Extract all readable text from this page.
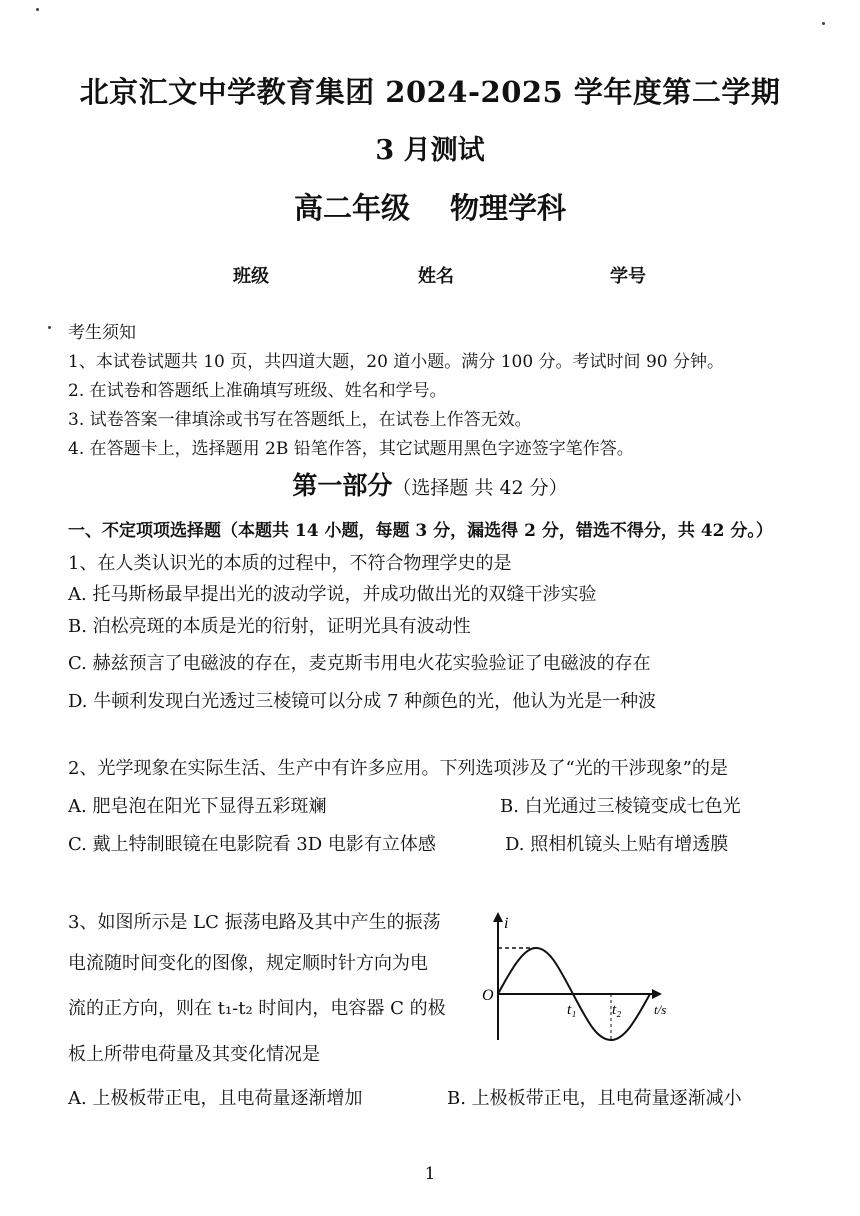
北京汇文中学教育集团 2024-2025 学年度第二学期
3 月测试
高二年级 物理学科
班级	姓名	学号
考生须知
1、本试卷试题共 10 页，共四道大题，20 道小题。满分 100 分。考试时间 90 分钟。
2. 在试卷和答题纸上准确填写班级、姓名和学号。
3. 试卷答案一律填涂或书写在答题纸上，在试卷上作答无效。
4. 在答题卡上，选择题用 2B 铅笔作答，其它试题用黑色字迹签字笔作答。
第一部分（选择题 共 42 分）
一、不定项项选择题（本题共 14 小题，每题 3 分，漏选得 2 分，错选不得分，共 42 分。）
1、在人类认识光的本质的过程中，不符合物理学史的是
A. 托马斯杨最早提出光的波动学说，并成功做出光的双缝干涉实验
B. 泊松亮斑的本质是光的衍射，证明光具有波动性
C. 赫兹预言了电磁波的存在，麦克斯韦用电火花实验验证了电磁波的存在
D. 牛顿利发现白光透过三棱镜可以分成 7 种颜色的光，他认为光是一种波
2、光学现象在实际生活、生产中有许多应用。下列选项涉及了“光的干涉现象”的是
A. 肥皂泡在阳光下显得五彩斑斓	B. 白光通过三棱镜变成七色光
C. 戴上特制眼镜在电影院看 3D 电影有立体感	D. 照相机镜头上贴有增透膜
3、如图所示是 LC 振荡电路及其中产生的振荡
电流随时间变化的图像，规定顺时针方向为电
流的正方向，则在 t₁-t₂ 时间内，电容器 C 的极
板上所带电荷量及其变化情况是
i
O
t₁ t₂	t/s
A. 上极板带正电，且电荷量逐渐增加	B. 上极板带正电，且电荷量逐渐减小
1
